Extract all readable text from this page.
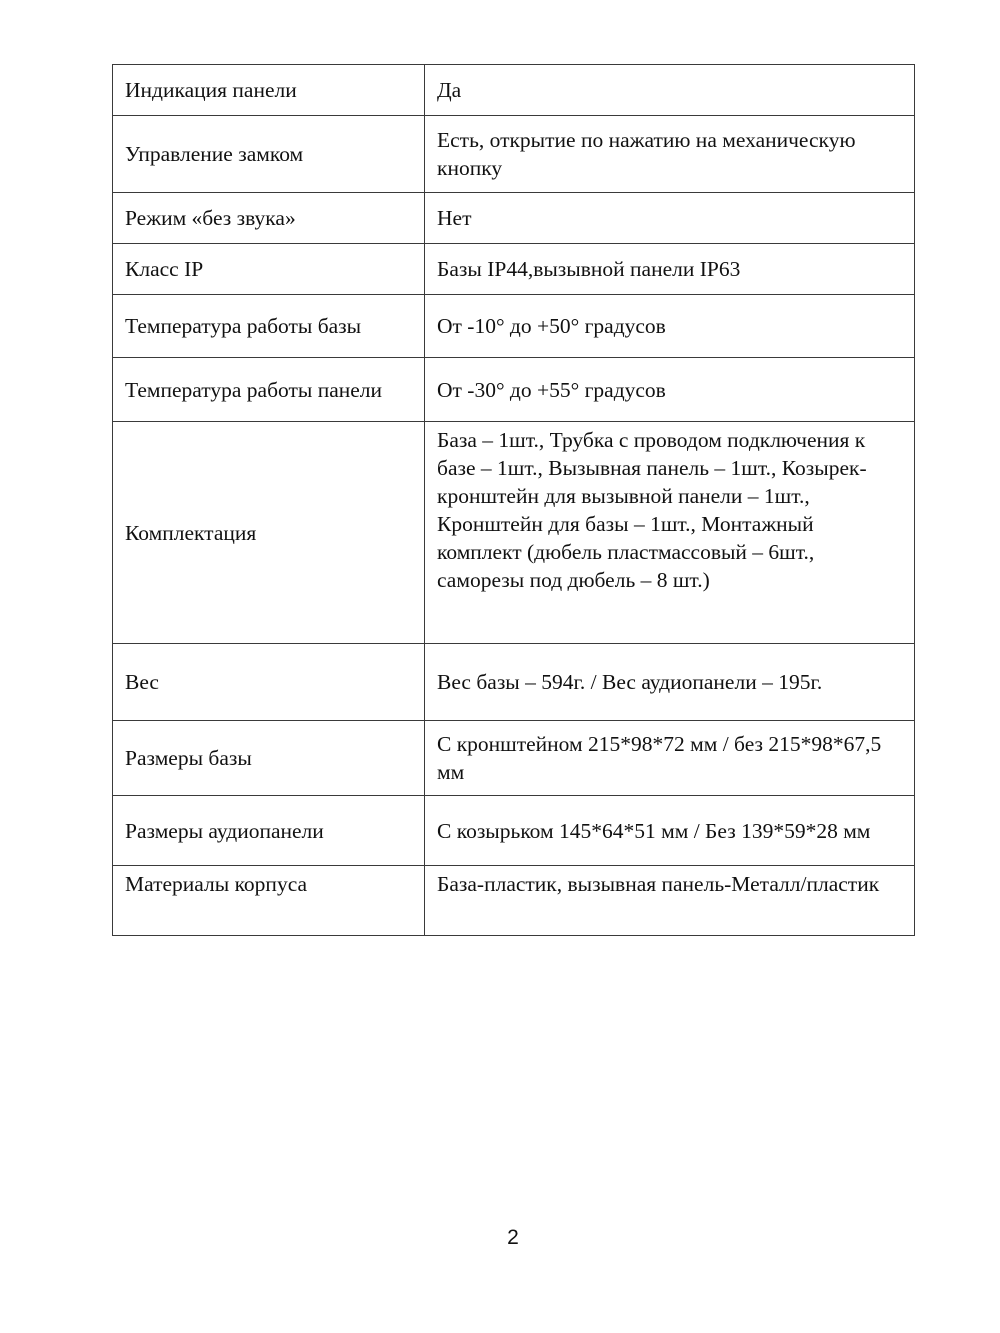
Индикация панели	Да
Управление замком	Есть, открытие по нажатию на механическую кнопку
Режим «без звука»	Нет
Класс IP	Базы IP44,вызывной панели IP63
Температура работы базы	От -10° до +50° градусов
Температура работы панели	От -30° до +55° градусов
Комплектация	База – 1шт., Трубка с проводом подключения к базе – 1шт., Вызывная панель – 1шт., Козырек-кронштейн для вызывной панели – 1шт., Кронштейн для базы – 1шт., Монтажный комплект (дюбель пластмассовый – 6шт., саморезы под дюбель – 8 шт.)
Вес	Вес базы – 594г. / Вес аудиопанели – 195г.
Размеры базы	С кронштейном 215*98*72 мм / без 215*98*67,5 мм
Размеры аудиопанели	С козырьком 145*64*51 мм / Без 139*59*28 мм
Материалы корпуса	База-пластик, вызывная панель-Металл/пластик
2
